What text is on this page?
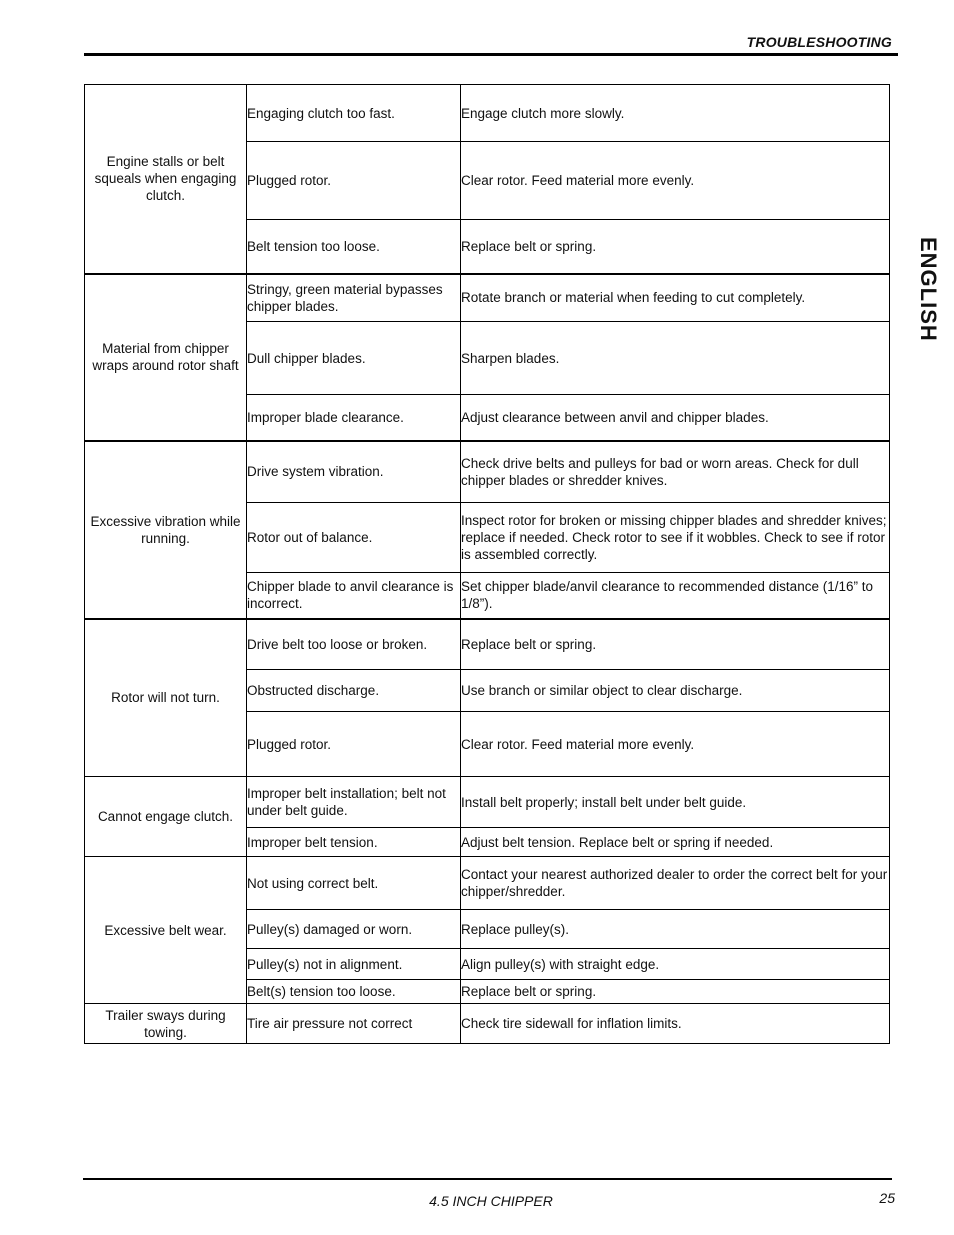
TROUBLESHOOTING
ENGLISH
Engine stalls or belt squeals when engaging clutch.	Engaging clutch too fast.	Engage clutch more slowly.
	Plugged rotor.	Clear rotor. Feed material more evenly.
	Belt tension too loose.	Replace belt or spring.
Material from chipper wraps around rotor shaft	Stringy, green material bypasses chipper blades.	Rotate branch or material when feeding to cut completely.
	Dull chipper blades.	Sharpen blades.
	Improper blade clearance.	Adjust clearance between anvil and chipper blades.
Excessive vibration while running.	Drive system vibration.	Check drive belts and pulleys for bad or worn areas. Check for dull chipper blades or shredder knives.
	Rotor out of balance.	Inspect rotor for broken or missing chipper blades and shredder knives; replace if needed. Check rotor to see if it wobbles. Check to see if rotor is assembled correctly.
	Chipper blade to anvil clearance is incorrect.	Set chipper blade/anvil clearance to recommended distance (1/16” to 1/8”).
Rotor will not turn.	Drive belt too loose or broken.	Replace belt or spring.
	Obstructed discharge.	Use branch or similar object to clear discharge.
	Plugged rotor.	Clear rotor. Feed material more evenly.
Cannot engage clutch.	Improper belt installation; belt not under belt guide.	Install belt properly; install belt under belt guide.
	Improper belt tension.	Adjust belt tension. Replace belt or spring if needed.
Excessive belt wear.	Not using correct belt.	Contact your nearest authorized dealer to order the correct belt for your chipper/shredder.
	Pulley(s) damaged or worn.	Replace pulley(s).
	Pulley(s) not in alignment.	Align pulley(s) with straight edge.
	Belt(s) tension too loose.	Replace belt or spring.
Trailer sways during towing.	Tire air pressure not correct	Check tire sidewall for inflation limits.
4.5 INCH CHIPPER	25
